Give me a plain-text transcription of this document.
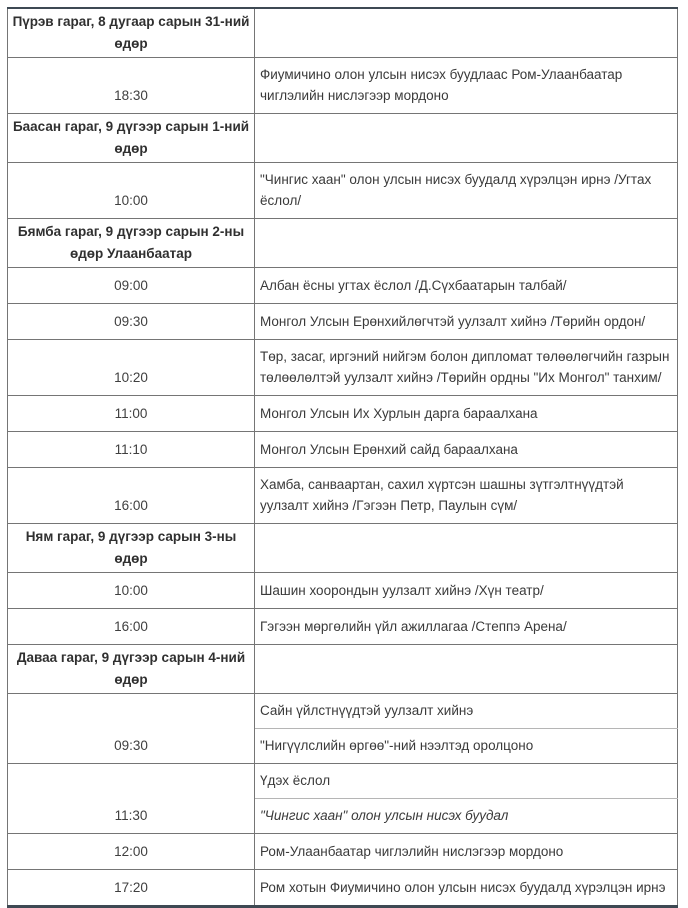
Пүрэв гараг, 8 дугаар сарын 31-ний өдөр	
18:30	Фиумичино олон улсын нисэх буудлаас Ром-Улаанбаатар чиглэлийн нислэгээр мордоно
Баасан гараг, 9 дүгээр сарын 1-ний өдөр	
10:00	"Чингис хаан" олон улсын нисэх буудалд хүрэлцэн ирнэ /Угтах ёслол/
Бямба гараг, 9 дүгээр сарын 2-ны өдөр Улаанбаатар	
09:00	Албан ёсны угтах ёслол /Д.Сүхбаатарын талбай/
09:30	Монгол Улсын Ерөнхийлөгчтэй уулзалт хийнэ /Төрийн ордон/
10:20	Төр, засаг, иргэний нийгэм болон дипломат төлөөлөгчийн газрын төлөөлөлтэй уулзалт хийнэ /Төрийн ордны "Их Монгол" танхим/
11:00	Монгол Улсын Их Хурлын дарга бараалхана
11:10	Монгол Улсын Ерөнхий сайд бараалхана
16:00	Хамба, санваартан, сахил хүртсэн шашны зүтгэлтнүүдтэй уулзалт хийнэ /Гэгээн Петр, Паулын сүм/
Ням гараг, 9 дүгээр сарын 3-ны өдөр	
10:00	Шашин хоорондын уулзалт хийнэ /Хүн театр/
16:00	Гэгээн мөргөлийн үйл ажиллагаа /Степпэ Арена/
Даваа гараг, 9 дүгээр сарын 4-ний өдөр	
09:30	Сайн үйлстнүүдтэй уулзалт хийнэ
	"Нигүүлслийн өргөө"-ний нээлтэд оролцоно
11:30	Үдэх ёслол
	"Чингис хаан" олон улсын нисэх буудал
12:00	Ром-Улаанбаатар чиглэлийн нислэгээр мордоно
17:20	Ром хотын Фиумичино олон улсын нисэх буудалд хүрэлцэн ирнэ
